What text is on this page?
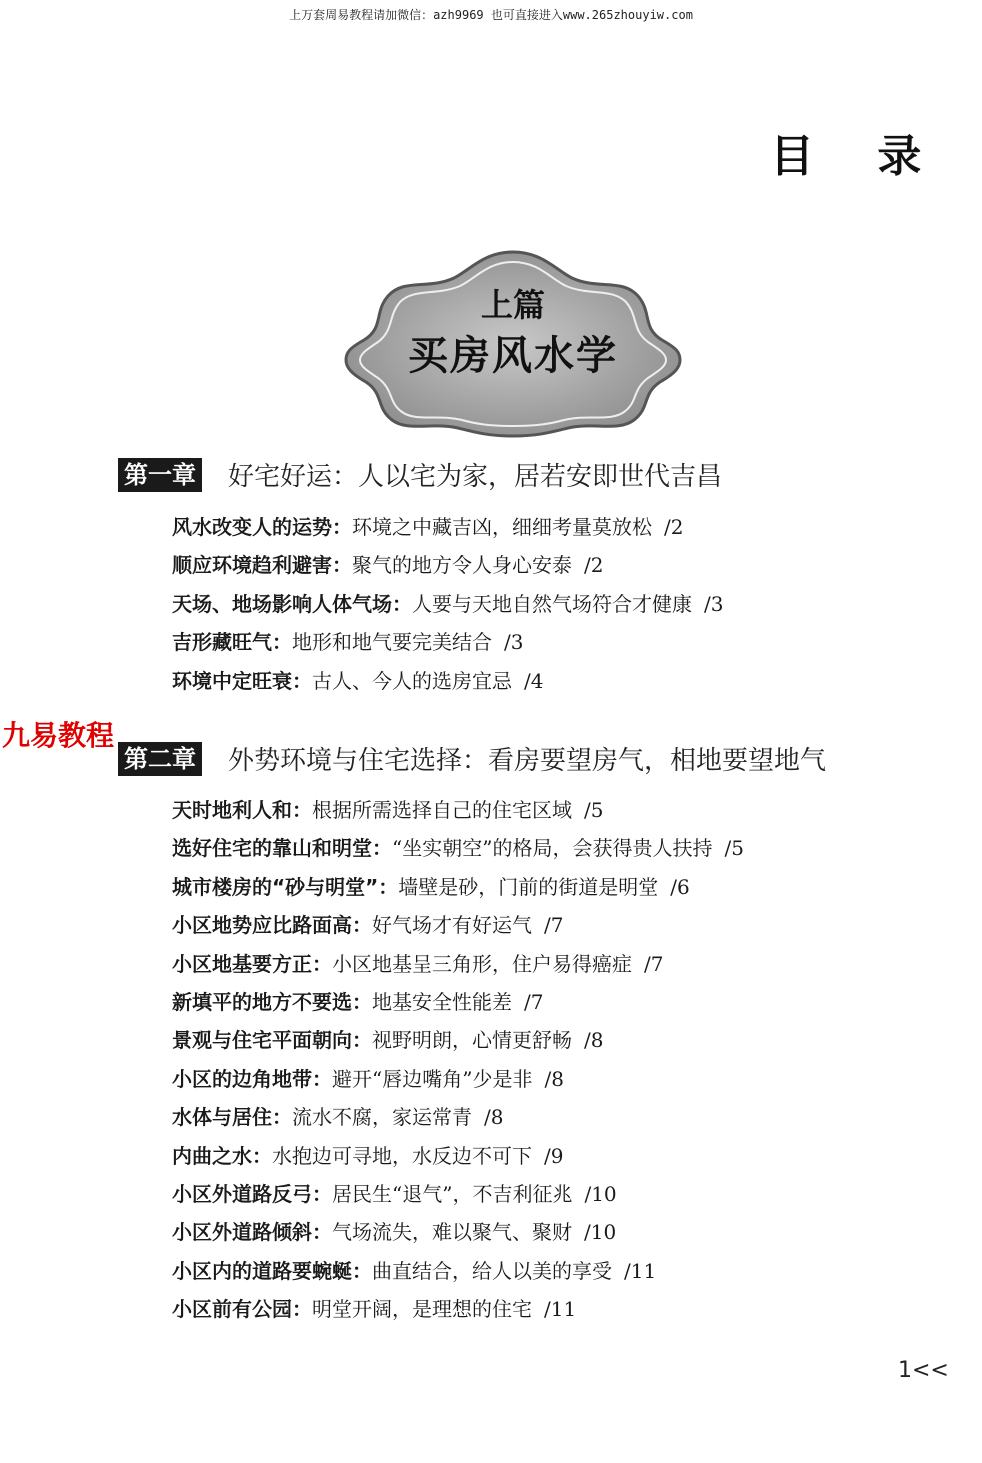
上万套周易教程请加微信：azh9969 也可直接进入www.265zhouyiw.com
目 录
上篇
买房风水学
第一章 好宅好运：人以宅为家，居若安即世代吉昌
风水改变人的运势：环境之中藏吉凶，细细考量莫放松 /2
顺应环境趋利避害：聚气的地方令人身心安泰 /2
天场、地场影响人体气场：人要与天地自然气场符合才健康 /3
吉形藏旺气：地形和地气要完美结合 /3
环境中定旺衰：古人、今人的选房宜忌 /4
九易教程
第二章 外势环境与住宅选择：看房要望房气，相地要望地气
天时地利人和：根据所需选择自己的住宅区域 /5
选好住宅的靠山和明堂：“坐实朝空”的格局，会获得贵人扶持 /5
城市楼房的“砂与明堂”：墙壁是砂，门前的街道是明堂 /6
小区地势应比路面高：好气场才有好运气 /7
小区地基要方正：小区地基呈三角形，住户易得癌症 /7
新填平的地方不要选：地基安全性能差 /7
景观与住宅平面朝向：视野明朗，心情更舒畅 /8
小区的边角地带：避开“唇边嘴角”少是非 /8
水体与居住：流水不腐，家运常青 /8
内曲之水：水抱边可寻地，水反边不可下 /9
小区外道路反弓：居民生“退气”，不吉利征兆 /10
小区外道路倾斜：气场流失，难以聚气、聚财 /10
小区内的道路要蜿蜒：曲直结合，给人以美的享受 /11
小区前有公园：明堂开阔，是理想的住宅 /11
1<<
